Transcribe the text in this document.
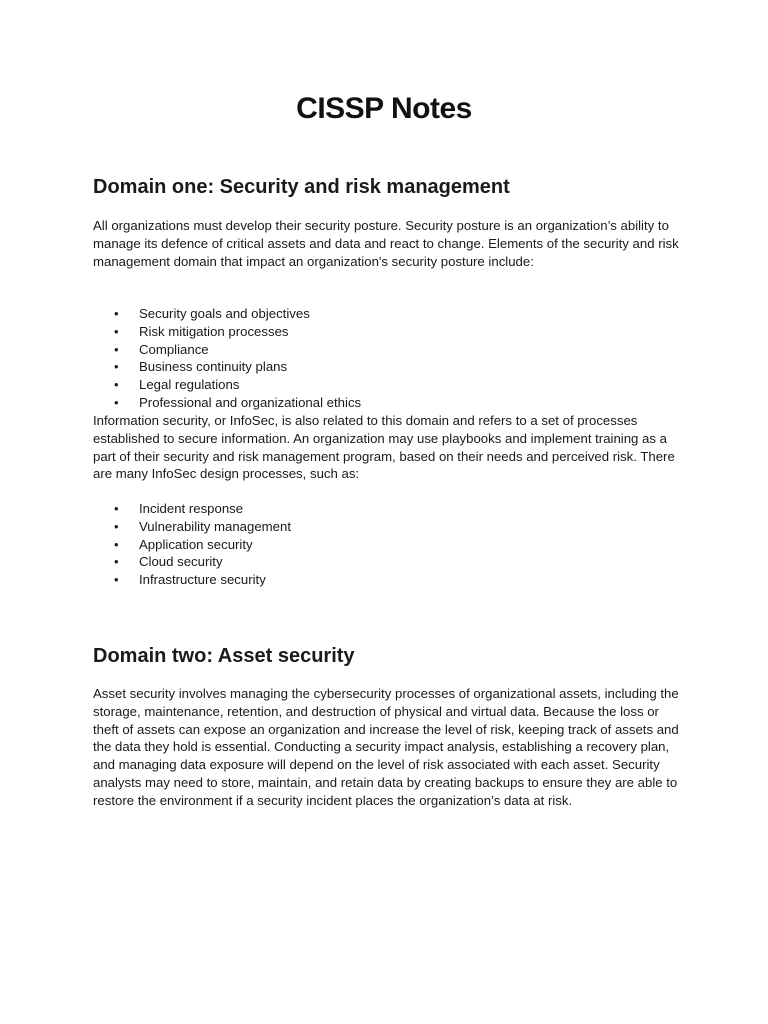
CISSP Notes
Domain one: Security and risk management

All organizations must develop their security posture. Security posture is an organization’s ability to manage its defence of critical assets and data and react to change. Elements of the security and risk management domain that impact an organization's security posture include:

• Security goals and objectives
• Risk mitigation processes
• Compliance
• Business continuity plans
• Legal regulations
• Professional and organizational ethics

Information security, or InfoSec, is also related to this domain and refers to a set of processes established to secure information. An organization may use playbooks and implement training as a part of their security and risk management program, based on their needs and perceived risk. There are many InfoSec design processes, such as:

• Incident response
• Vulnerability management
• Application security
• Cloud security
• Infrastructure security
Domain two: Asset security

Asset security involves managing the cybersecurity processes of organizational assets, including the storage, maintenance, retention, and destruction of physical and virtual data. Because the loss or theft of assets can expose an organization and increase the level of risk, keeping track of assets and the data they hold is essential. Conducting a security impact analysis, establishing a recovery plan, and managing data exposure will depend on the level of risk associated with each asset. Security analysts may need to store, maintain, and retain data by creating backups to ensure they are able to restore the environment if a security incident places the organization’s data at risk.
